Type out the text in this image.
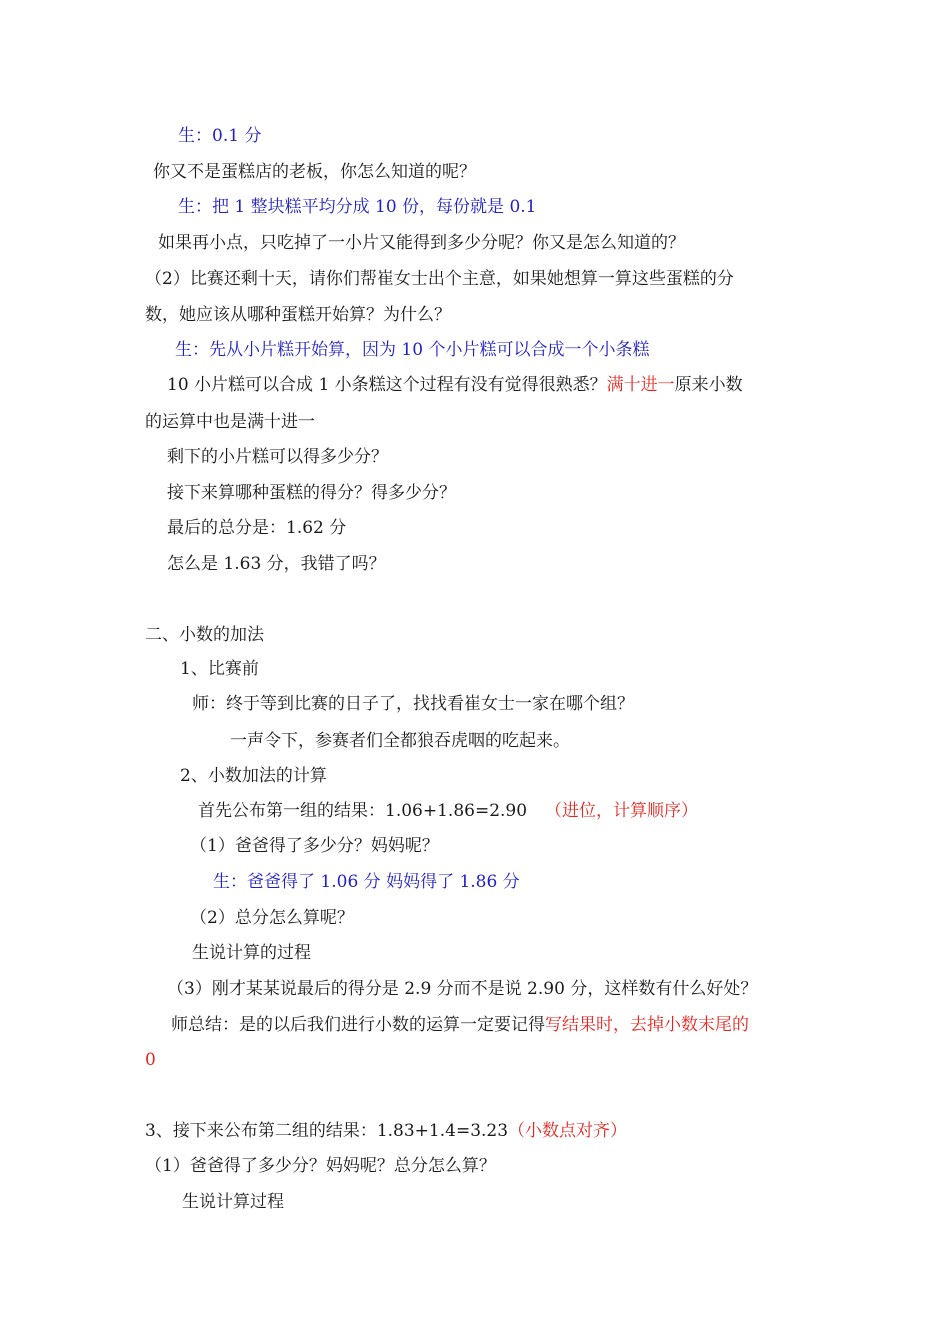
生：0.1 分
你又不是蛋糕店的老板，你怎么知道的呢？
生：把 1 整块糕平均分成 10 份，每份就是 0.1
如果再小点，只吃掉了一小片又能得到多少分呢？你又是怎么知道的？
（2）比赛还剩十天，请你们帮崔女士出个主意，如果她想算一算这些蛋糕的分
数，她应该从哪种蛋糕开始算？为什么？
生：先从小片糕开始算，因为 10 个小片糕可以合成一个小条糕
10 小片糕可以合成 1 小条糕这个过程有没有觉得很熟悉？满十进一原来小数
的运算中也是满十进一
剩下的小片糕可以得多少分？
接下来算哪种蛋糕的得分？得多少分？
最后的总分是：1.62 分
怎么是 1.63 分，我错了吗？
二、小数的加法
1、比赛前
师：终于等到比赛的日子了，找找看崔女士一家在哪个组？
一声令下，参赛者们全都狼吞虎咽的吃起来。
2、小数加法的计算
首先公布第一组的结果：1.06+1.86=2.90 （进位，计算顺序）
（1）爸爸得了多少分？妈妈呢？
生：爸爸得了 1.06 分 妈妈得了 1.86 分
（2）总分怎么算呢？
生说计算的过程
（3）刚才某某说最后的得分是 2.9 分而不是说 2.90 分，这样数有什么好处？
师总结：是的以后我们进行小数的运算一定要记得写结果时，去掉小数末尾的
0
3、接下来公布第二组的结果：1.83+1.4=3.23（小数点对齐）
（1）爸爸得了多少分？妈妈呢？总分怎么算？
生说计算过程
